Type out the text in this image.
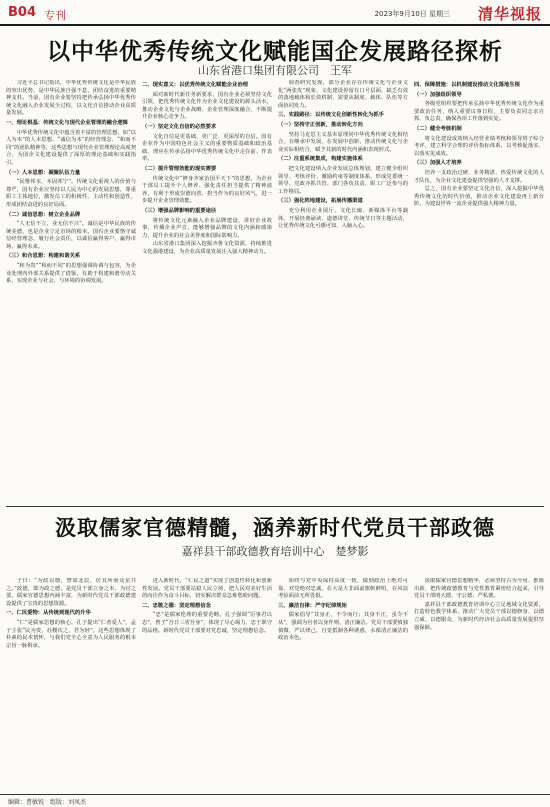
B04 专刊	2023年9月10日 星期三 清华视报
以中华优秀传统文化赋能国企发展路径探析
山东省港口集团有限公司　王军

习近平总书记指出，中华优秀传统文化是中华民族的突出优势，是中华民族自强不息、团结奋进的重要精神支柱。当前，国有企业要坚持把传承弘扬中华优秀传统文化融入企业发展全过程，以文化自信推动企业高质量发展。

一、理论根基：传统文化与现代企业管理的融合逻辑

中华优秀传统文化中蕴含着丰富的管理思想，如“以人为本”的人本思想、“诚信为本”的经营理念、“和而不同”的团队精神等，这些思想与现代企业管理理论高度契合，为国企文化建设提供了深厚的理论基础和实践指引。

（一）人本思想：凝聚队伍力量

“民惟邦本，本固邦宁”。传统文化重视人的价值与尊严，国有企业应坚持以人民为中心的发展思想，尊重职工主体地位，激发员工的积极性、主动性和创造性，形成团结奋进的良好局面。

（二）诚信思想：树立企业品牌

“人无信不立，业无信不兴”。诚信是中华民族的传统美德，也是企业立足市场的根本。国有企业要恪守诚信经营理念，履行社会责任，以诚信赢得客户、赢得市场、赢得未来。

（三）和合思想：构建和谐关系

“和为贵”“和而不同”的思想强调协调与包容，为企业处理内外部关系提供了借鉴，有助于构建和谐劳动关系，实现企业与社会、与环境的协调发展。

二、现实意义：以优秀传统文化赋能企业治理

面对新时代新任务新要求，国有企业必须坚持文化引领，把优秀传统文化作为企业文化建设的源头活水，推动企业文化与企业战略、企业管理深度融合，不断提升企业核心竞争力。

（一）坚定文化自信的必然要求

文化自信是更基础、更广泛、更深厚的自信。国有企业作为中国特色社会主义的重要物质基础和政治基础，理应在传承弘扬中华优秀传统文化中走在前、作表率。

（二）提升管理效能的现实需要

传统文化中“修身齐家治国平天下”的思想，为企业干部员工提升个人修养、强化责任担当提供了精神滋养，有利于形成崇德向善、担当作为的良好风气，进一步提升企业管理效能。

（三）增强品牌影响的重要途径

将传统文化元素融入企业品牌建设，讲好企业故事，传播企业声音，能够增强品牌的文化内涵和感染力，提升企业的社会美誉度和国际影响力。

山东省港口集团深入挖掘齐鲁文化资源，持续推进文化强港建设，为企业高质量发展注入强大精神动力。

调查研究发现，部分企业存在传统文化与企业文化“两张皮”现象，文化建设停留在口号层面，缺乏有效的落地载体和长效机制，需要从制度、载体、队伍等方面协同发力。

三、实践路径：以传统文化创新性转化为抓手

（一）坚持守正创新，推动转化方向

坚持马克思主义基本原理同中华优秀传统文化相结合，在继承中发展、在发展中创新，推动传统文化与企业实际相结合，赋予其新的时代内涵和表现形式。

（二）注重系统集成，构建实施体系

把文化建设纳入企业发展总体规划，建立健全组织领导、考核评价、激励约束等制度体系，形成党委统一领导、党政齐抓共管、部门各负其责、职工广泛参与的工作格局。

（三）强化阵地建设，拓展传播渠道

充分利用企业展厅、文化长廊、新媒体平台等载体，开展经典诵读、道德讲堂、传统节日等主题活动，让优秀传统文化可感可知、入脑入心。

四、保障措施：以机制建设推动文化落地生根

（一）加强组织领导

各级党组织要把传承弘扬中华优秀传统文化作为重要政治任务，纳入重要议事日程，主要负责同志亲自抓、负总责，确保各项工作落到实处。

（二）健全考核机制

将文化建设成效纳入经营业绩考核和领导班子综合考评，建立科学合理的评价指标体系，以考核促落实、以落实见成效。

（三）加强人才培养

培养一支政治过硬、业务精湛、热爱传统文化的人才队伍，为企业文化建设提供坚强的人才支撑。

总之，国有企业要坚定文化自信，深入挖掘中华优秀传统文化的时代价值，推动企业文化建设再上新台阶，为建设世界一流企业提供强大精神力量。

汲取儒家官德精髓，涵养新时代党员干部政德
嘉祥县干部政德教育培训中心　楚梦影

子曰：“为政以德，譬如北辰，居其所而众星共之。”政德，即为政之德，是党员干部立身之本、为官之要。儒家官德思想内涵丰富，为新时代党员干部政德建设提供了宝贵的思想资源。

一、仁民爱物：从传统到现代的升华

“仁”是儒家思想的核心。孔子提出“仁者爱人”，孟子主张“民为贵，社稷次之，君为轻”，这些思想体现了朴素的民本情怀，与我们党全心全意为人民服务的根本宗旨一脉相承。

进入新时代，“仁民之道”实现了创造性转化和创新性发展。党员干部要站稳人民立场，把人民对美好生活的向往作为奋斗目标，切实解决群众急难愁盼问题。

二、忠敬之德：坚定理想信念

“忠”是儒家伦理的重要范畴。孔子强调“臣事君以忠”，曾子“吾日三省吾身”，体现了尽心竭力、忠于职守的品格。新时代党员干部要对党忠诚，坚定理想信念。

始终与党中央保持高度一致，做到政治上绝对可靠、对党绝对忠诚，在大是大非面前旗帜鲜明，在风浪考验面前无所畏惧。

三、廉洁自律：严守纪律规矩

儒家倡导“其身正，不令而行；其身不正，虽令不从”，强调为官者以身作则、清正廉洁。党员干部要慎独慎微、严以律己，自觉抵制各种诱惑，永葆清正廉洁的政治本色。

汲取儒家官德思想精华，必须坚持古为今用、推陈出新，把传统政德教育与党性教育紧密结合起来，引导党员干部明大德、守公德、严私德。

嘉祥县干部政德教育培训中心立足地域文化资源，打造特色教学体系，推动广大党员干部以德修身、以德立威、以德服众，为新时代经济社会高质量发展提供坚强保障。

编辑：曹敏锐　组版：刘凤杰
